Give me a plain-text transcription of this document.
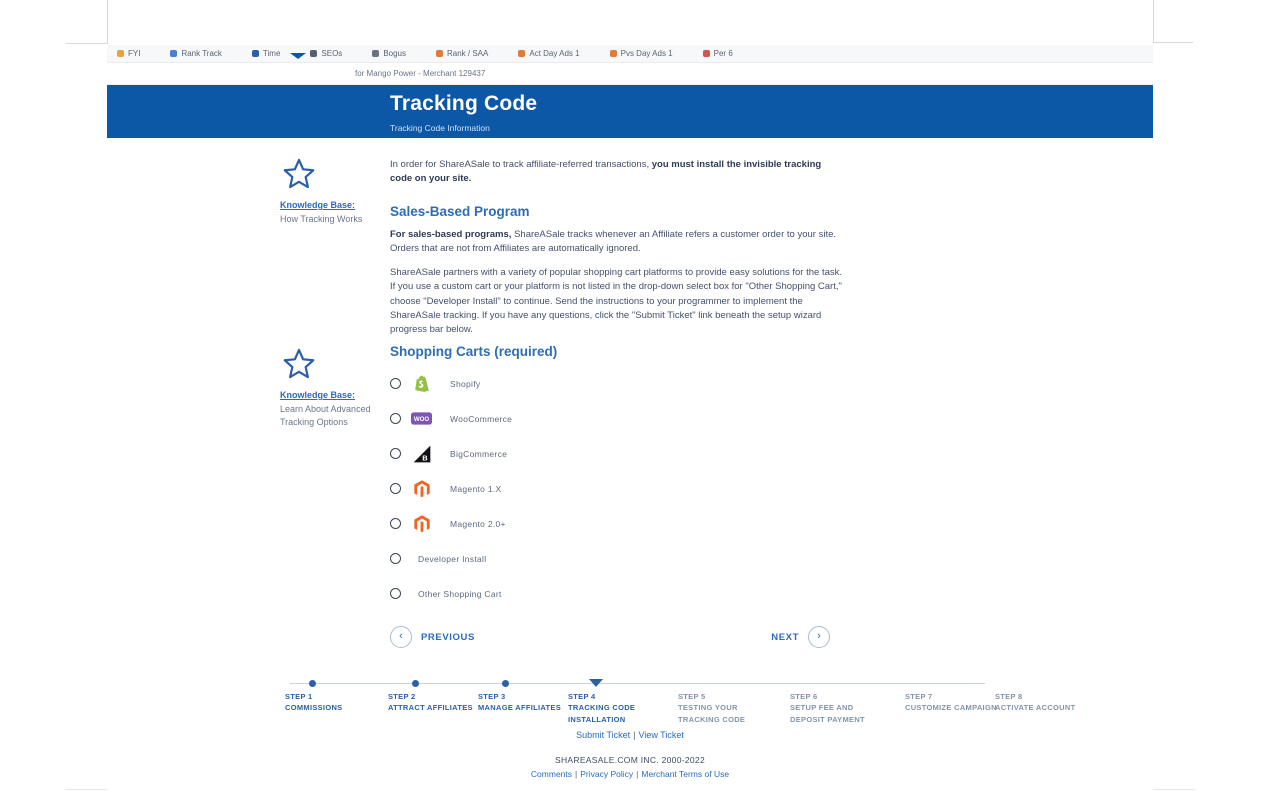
FYI	Rank Track	Time	SEOs	Bogus	Rank / SAA	Act Day Ads 1	Pvs Day Ads 1	Per 6
for Mango Power - Merchant 129437
Tracking Code
Tracking Code Information
Knowledge Base:
How Tracking Works
Knowledge Base:
Learn About Advanced Tracking Options

In order for ShareASale to track affiliate-referred transactions, you must install the invisible tracking code on your site.

Sales-Based Program

For sales-based programs, ShareASale tracks whenever an Affiliate refers a customer order to your site. Orders that are not from Affiliates are automatically ignored.

ShareASale partners with a variety of popular shopping cart platforms to provide easy solutions for the task. If you use a custom cart or your platform is not listed in the drop-down select box for "Other Shopping Cart," choose "Developer Install" to continue. Send the instructions to your programmer to implement the ShareASale tracking. If you have any questions, click the "Submit Ticket" link beneath the setup wizard progress bar below.

Shopping Carts (required)
Shopify
WOO WooCommerce
B	BigCommerce
Magento 1.X
Magento 2.0+
Developer Install
Other Shopping Cart
‹	PREVIOUS	NEXT	›
STEP 1
COMMISSIONS
STEP 2
ATTRACT AFFILIATES
STEP 3
MANAGE AFFILIATES
STEP 4
TRACKING CODE INSTALLATION
STEP 5
TESTING YOUR TRACKING CODE
STEP 6
SETUP FEE AND DEPOSIT PAYMENT
STEP 7
CUSTOMIZE CAMPAIGN
STEP 8
ACTIVATE ACCOUNT
Submit Ticket | View Ticket
SHAREASALE.COM INC. 2000-2022
Comments | Privacy Policy | Merchant Terms of Use
